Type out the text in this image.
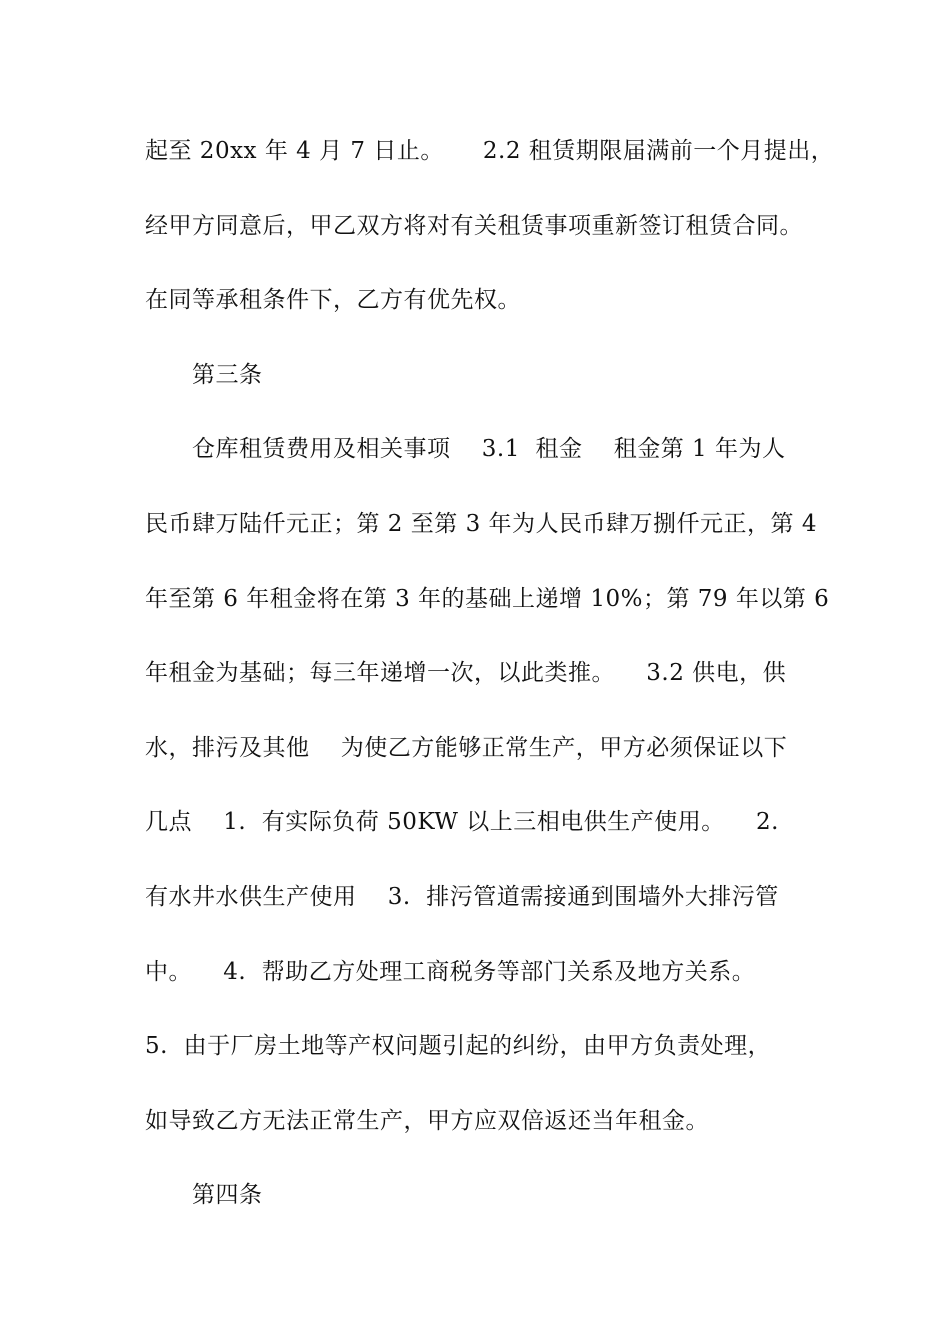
起至 20xx 年 4 月 7 日止。     2.2 租赁期限届满前一个月提出，
经甲方同意后，甲乙双方将对有关租赁事项重新签订租赁合同。
在同等承租条件下，乙方有优先权。
第三条
仓库租赁费用及相关事项    3.1  租金    租金第 1 年为人
民币肆万陆仟元正；第 2 至第 3 年为人民币肆万捌仟元正，第 4
年至第 6 年租金将在第 3 年的基础上递增 10%；第 79 年以第 6
年租金为基础；每三年递增一次，以此类推。    3.2 供电，供
水，排污及其他    为使乙方能够正常生产，甲方必须保证以下
几点    1.  有实际负荷 50KW 以上三相电供生产使用。    2.
有水井水供生产使用    3.  排污管道需接通到围墙外大排污管
中。    4.  帮助乙方处理工商税务等部门关系及地方关系。
5.  由于厂房土地等产权问题引起的纠纷，由甲方负责处理，
如导致乙方无法正常生产，甲方应双倍返还当年租金。
第四条
